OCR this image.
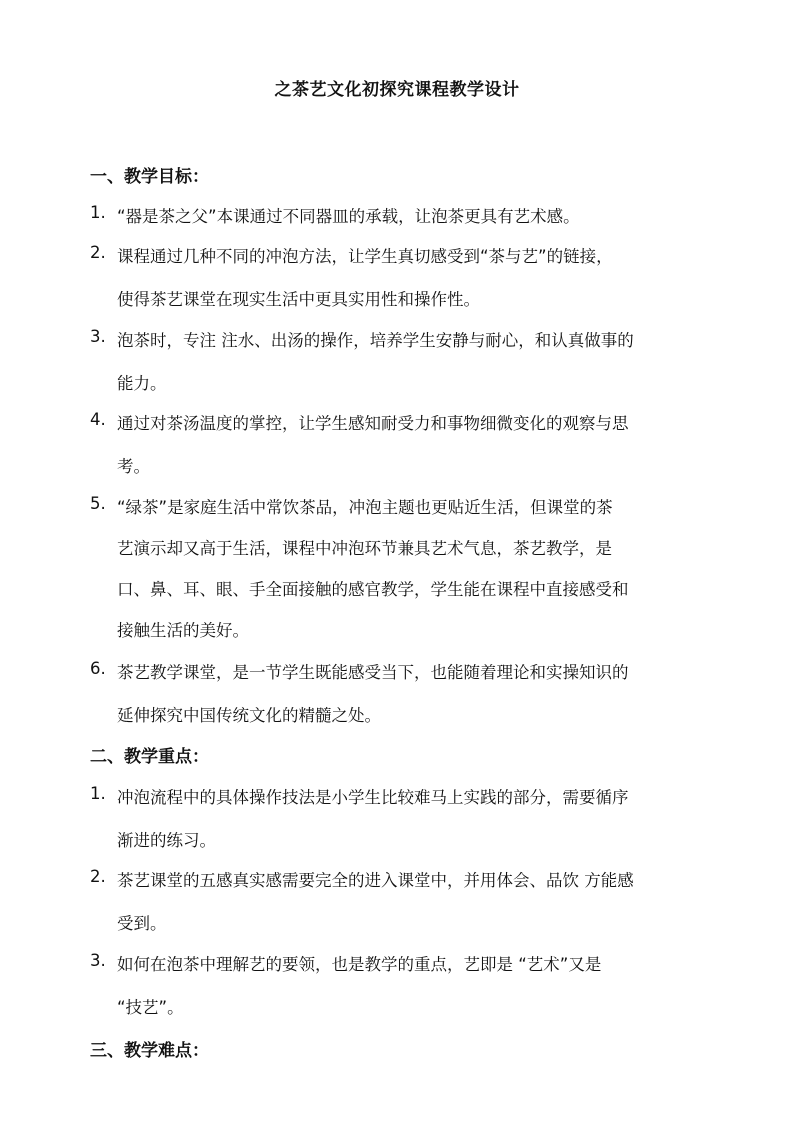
之茶艺文化初探究课程教学设计
一、教学目标：
1. “器是茶之父”本课通过不同器皿的承载，让泡茶更具有艺术感。
2. 课程通过几种不同的冲泡方法，让学生真切感受到“茶与艺”的链接，
使得茶艺课堂在现实生活中更具实用性和操作性。
3. 泡茶时，专注 注水、出汤的操作，培养学生安静与耐心，和认真做事的
能力。
4. 通过对茶汤温度的掌控，让学生感知耐受力和事物细微变化的观察与思
考。
5. “绿茶”是家庭生活中常饮茶品，冲泡主题也更贴近生活，但课堂的茶
艺演示却又高于生活，课程中冲泡环节兼具艺术气息，茶艺教学，是
口、鼻、耳、眼、手全面接触的感官教学，学生能在课程中直接感受和
接触生活的美好。
6. 茶艺教学课堂，是一节学生既能感受当下，也能随着理论和实操知识的
延伸探究中国传统文化的精髓之处。
二、教学重点：
1. 冲泡流程中的具体操作技法是小学生比较难马上实践的部分，需要循序
渐进的练习。
2. 茶艺课堂的五感真实感需要完全的进入课堂中，并用体会、品饮 方能感
受到。
3. 如何在泡茶中理解艺的要领，也是教学的重点，艺即是 “艺术”又是
“技艺”。
三、教学难点：
